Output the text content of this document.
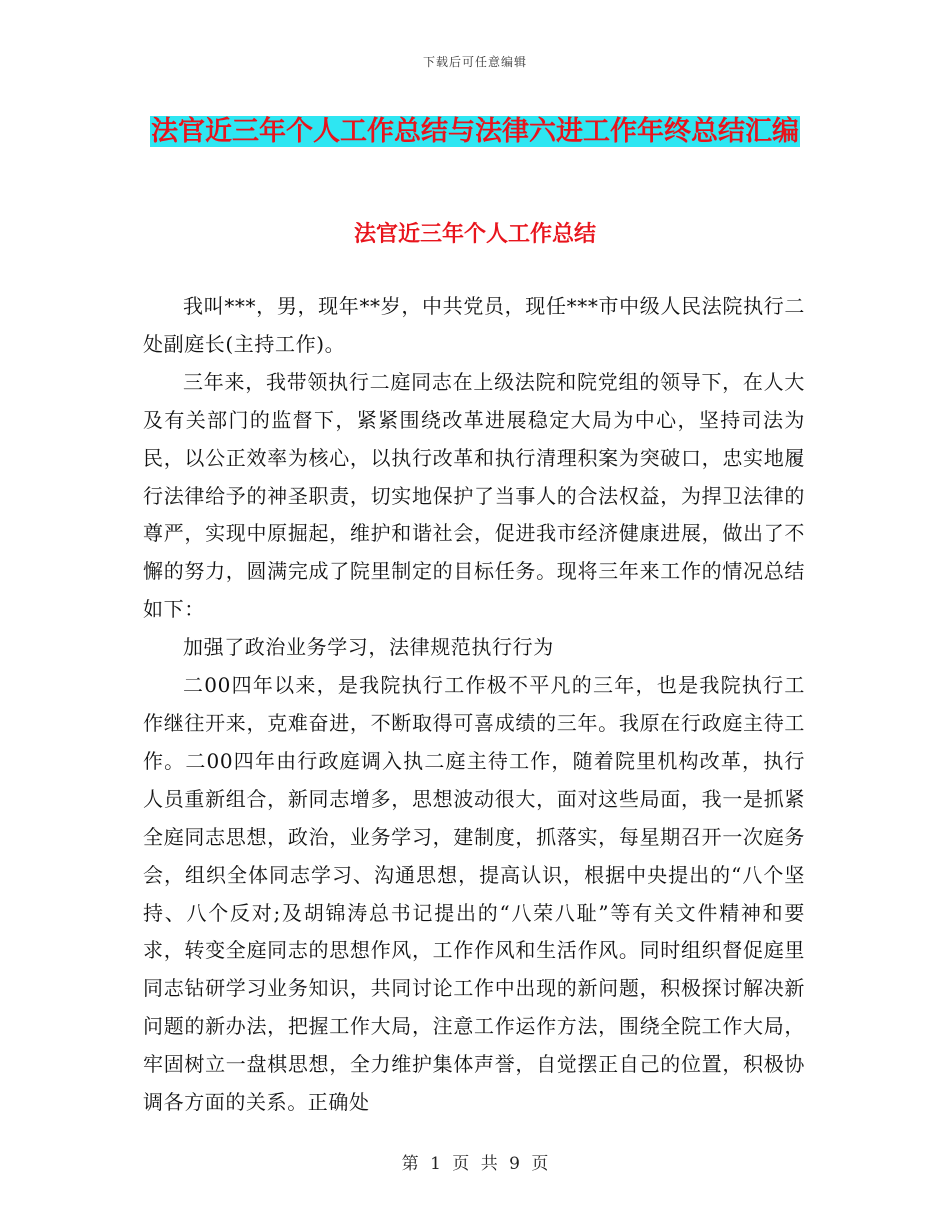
下载后可任意编辑
法官近三年个人工作总结与法律六进工作年终总结汇编
法官近三年个人工作总结

我叫***，男，现年**岁，中共党员，现任***市中级人民法院执行二处副庭长(主持工作)。

三年来，我带领执行二庭同志在上级法院和院党组的领导下，在人大及有关部门的监督下，紧紧围绕改革进展稳定大局为中心，坚持司法为民，以公正效率为核心，以执行改革和执行清理积案为突破口，忠实地履行法律给予的神圣职责，切实地保护了当事人的合法权益，为捍卫法律的尊严，实现中原掘起，维护和谐社会，促进我市经济健康进展，做出了不懈的努力，圆满完成了院里制定的目标任务。现将三年来工作的情况总结如下：

加强了政治业务学习，法律规范执行行为

二00四年以来，是我院执行工作极不平凡的三年，也是我院执行工作继往开来，克难奋进，不断取得可喜成绩的三年。我原在行政庭主待工作。二00四年由行政庭调入执二庭主待工作，随着院里机构改革，执行人员重新组合，新同志增多，思想波动很大，面对这些局面，我一是抓紧全庭同志思想，政治，业务学习，建制度，抓落实，每星期召开一次庭务会，组织全体同志学习、沟通思想，提高认识，根据中央提出的“八个坚持、八个反对;及胡锦涛总书记提出的“八荣八耻”等有关文件精神和要求，转变全庭同志的思想作风，工作作风和生活作风。同时组织督促庭里同志钻研学习业务知识，共同讨论工作中出现的新问题，积极探讨解决新问题的新办法，把握工作大局，注意工作运作方法，围绕全院工作大局，牢固树立一盘棋思想，全力维护集体声誉，自觉摆正自己的位置，积极协调各方面的关系。正确处

第 1 页 共 9 页
